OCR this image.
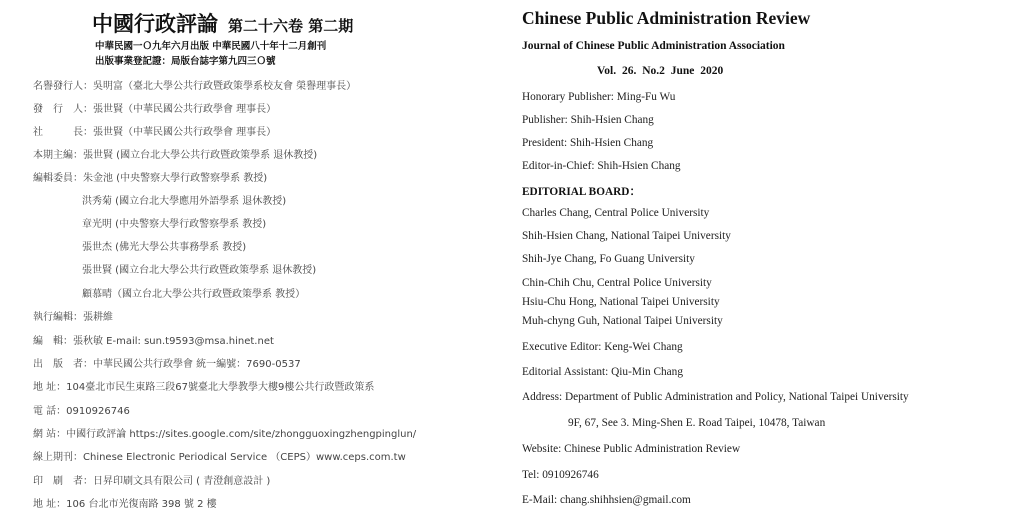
中國行政評論 第二十六卷 第二期
中華民國一Ｏ九年六月出版 中華民國八十年十二月創刊
出版事業登記證：局版台誌字第九四三Ｏ號
名譽發行人：吳明富（臺北大學公共行政暨政策學系校友會 榮譽理事長）
發　行　人：張世賢（中華民國公共行政學會 理事長）
社　　　長：張世賢（中華民國公共行政學會 理事長）
本期主編：張世賢 (國立台北大學公共行政暨政策學系 退休教授)
編輯委員：朱金池 (中央警察大學行政警察學系 教授)
洪秀菊 (國立台北大學應用外語學系 退休教授)
章光明 (中央警察大學行政警察學系 教授)
張世杰 (佛光大學公共事務學系 教授)
張世賢 (國立台北大學公共行政暨政策學系 退休教授)
顧慕晴（國立台北大學公共行政暨政策學系 教授）
執行編輯：張耕維
編　輯：張秋敏 E-mail: sun.t9593@msa.hinet.net
出　版　者：中華民國公共行政學會 統一編號：7690-0537
地 址：104臺北市民生東路三段67號臺北大學教學大樓9樓公共行政暨政策系
電 話：0910926746
網 站：中國行政評論 https://sites.google.com/site/zhongguoxingzhengpinglun/
線上期刊：Chinese Electronic Periodical Service （CEPS）www.ceps.com.tw
印　刷　者：日昇印刷文具有限公司 ( 青澄創意設計 )
地 址：106 台北市光復南路 398 號 2 樓
Chinese Public Administration Review
Journal of Chinese Public Administration Association
Vol. 26. No.2 June 2020
Honorary Publisher: Ming-Fu Wu
Publisher: Shih-Hsien Chang
President: Shih-Hsien Chang
Editor-in-Chief: Shih-Hsien Chang
EDITORIAL BOARD：
Charles Chang, Central Police University
Shih-Hsien Chang, National Taipei University
Shih-Jye Chang, Fo Guang University
Chin-Chih Chu, Central Police University
Hsiu-Chu Hong, National Taipei University
Muh-chyng Guh, National Taipei University
Executive Editor: Keng-Wei Chang
Editorial Assistant: Qiu-Min Chang
Address: Department of Public Administration and Policy, National Taipei University
9F, 67, See 3. Ming-Shen E. Road Taipei, 10478, Taiwan
Website: Chinese Public Administration Review
Tel: 0910926746
E-Mail: chang.shihhsien@gmail.com
